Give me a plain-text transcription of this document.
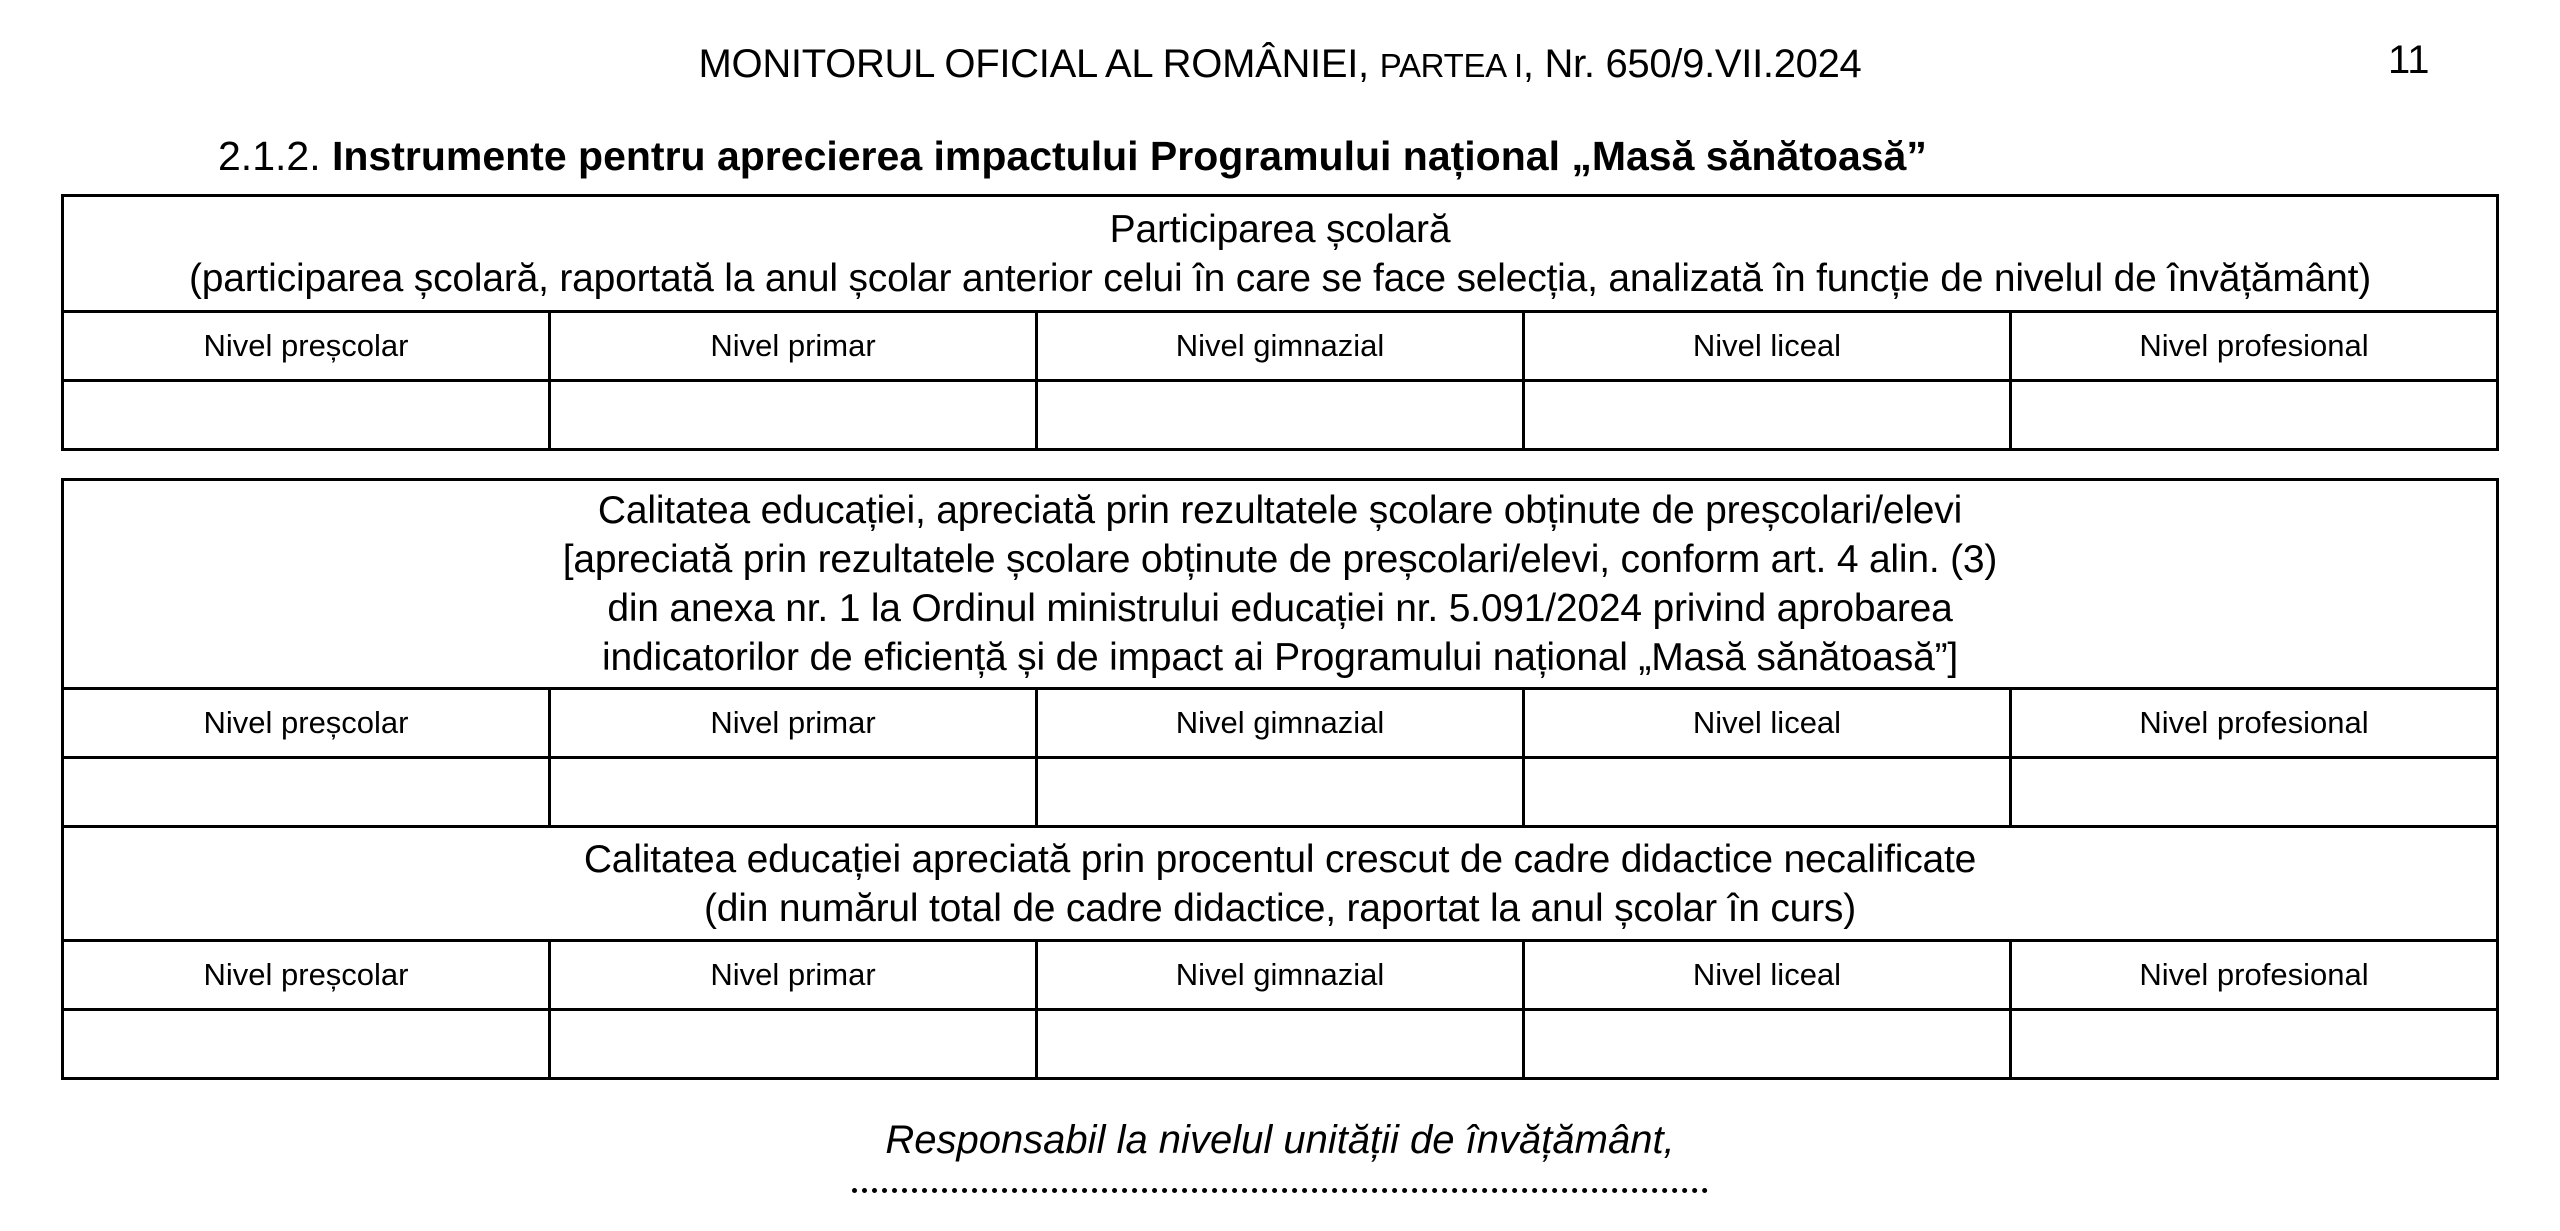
MONITORUL OFICIAL AL ROMÂNIEI, PARTEA I, Nr. 650/9.VII.2024	11
2.1.2. Instrumente pentru aprecierea impactului Programului național „Masă sănătoasă”
Participarea școlară
(participarea școlară, raportată la anul școlar anterior celui în care se face selecția, analizată în funcție de nivelul de învățământ)				

Nivel preșcolar	Nivel primar	Nivel gimnazial	Nivel liceal	Nivel profesional

Calitatea educației, apreciată prin rezultatele școlare obținute de preșcolari/elevi
[apreciată prin rezultatele școlare obținute de preșcolari/elevi, conform art. 4 alin. (3)
din anexa nr. 1 la Ordinul ministrului educației nr. 5.091/2024 privind aprobarea
indicatorilor de eficiență și de impact ai Programului național „Masă sănătoasă”]				

Nivel preșcolar	Nivel primar	Nivel gimnazial	Nivel liceal	Nivel profesional

Calitatea educației apreciată prin procentul crescut de cadre didactice necalificate
(din numărul total de cadre didactice, raportat la anul școlar în curs)				

Nivel preșcolar	Nivel primar	Nivel gimnazial	Nivel liceal	Nivel profesional

Responsabil la nivelul unității de învățământ,
